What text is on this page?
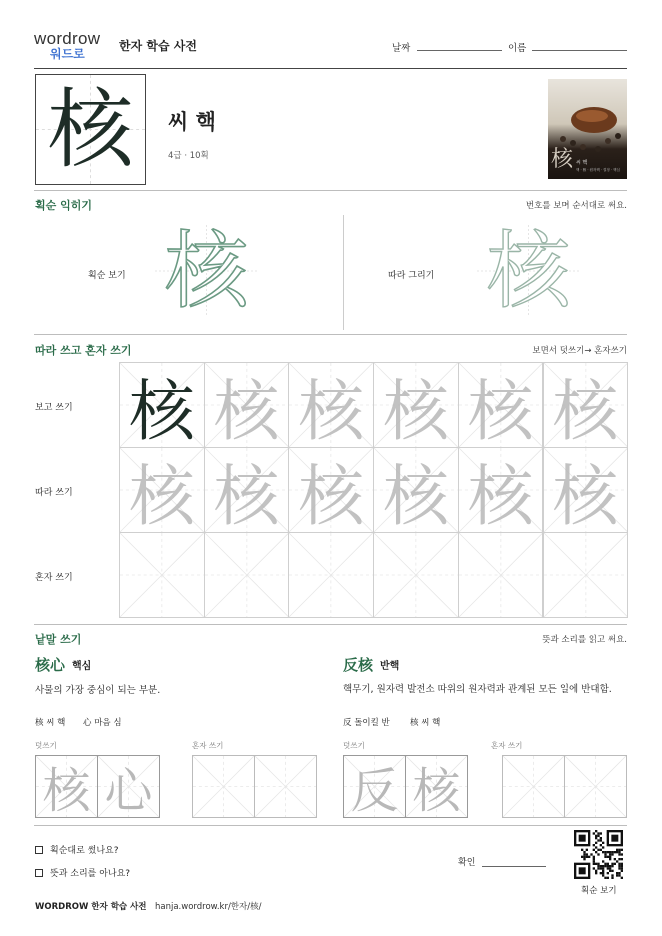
wordrow
워드로
한자 학습 사전	날짜	이름
核	씨 핵
4급 · 10획	核 씨 핵
핵 · 核 · 원자핵 · 결정 · 핵심
획순 익히기	번호를 보며 순서대로 써요.
획순 보기 核	따라 그리기 核
따라 쓰고 혼자 쓰기	보면서 덧쓰기→ 혼자쓰기
보고 쓰기
따라 쓰기
혼자 쓰기
核 核 核 核 核 核
核 核 核 核 核 核
낱말 쓰기	뜻과 소리를 읽고 써요.
核心 핵심
사물의 가장 중심이 되는 부분.
核 씨 핵 心 마음 심
덧쓰기	혼자 쓰기
核 心
反核 반핵
핵무기, 원자력 발전소 따위의 원자력과 관계된 모든 일에 반대함.
反 돌이킬 반 核 씨 핵
덧쓰기	혼자 쓰기
反 核
획순대로 썼나요?
뜻과 소리를 아나요?
확인
획순 보기
WORDROW 한자 학습 사전 hanja.wordrow.kr/한자/核/
